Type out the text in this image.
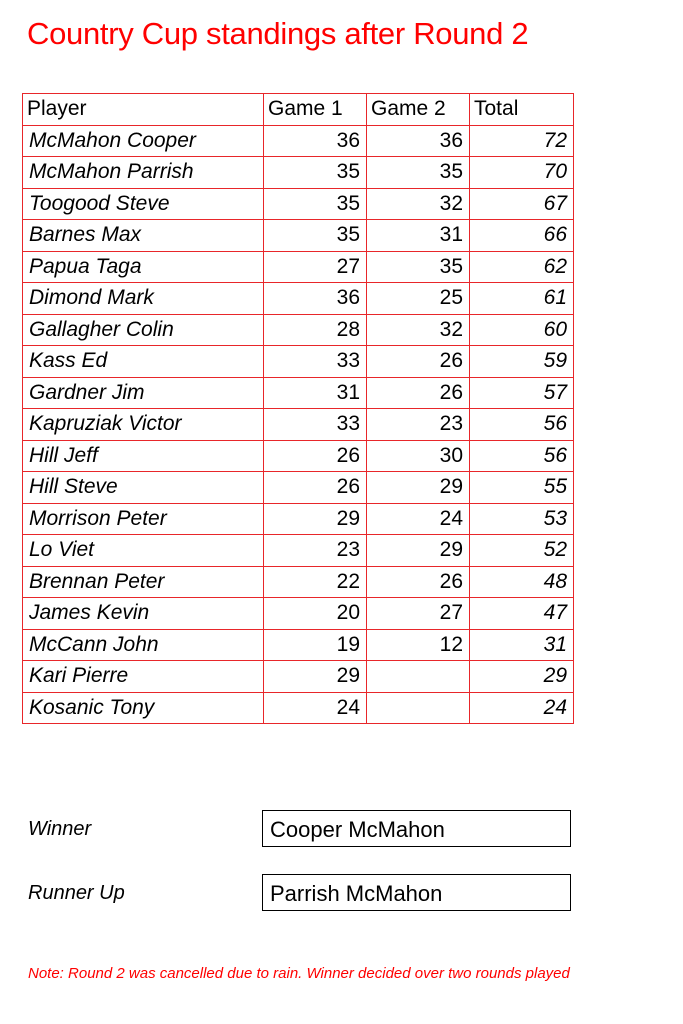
Country Cup standings after Round 2
Player	Game 1	Game 2	Total
McMahon Cooper	36	36	72
McMahon Parrish	35	35	70
Toogood Steve	35	32	67
Barnes Max	35	31	66
Papua Taga	27	35	62
Dimond Mark	36	25	61
Gallagher Colin	28	32	60
Kass Ed	33	26	59
Gardner Jim	31	26	57
Kapruziak Victor	33	23	56
Hill Jeff	26	30	56
Hill Steve	26	29	55
Morrison Peter	29	24	53
Lo Viet	23	29	52
Brennan Peter	22	26	48
James Kevin	20	27	47
McCann John	19	12	31
Kari Pierre	29		29
Kosanic Tony	24		24
Winner	Cooper McMahon
Runner Up	Parrish McMahon
Note: Round 2 was cancelled due to rain. Winner decided over two rounds played
